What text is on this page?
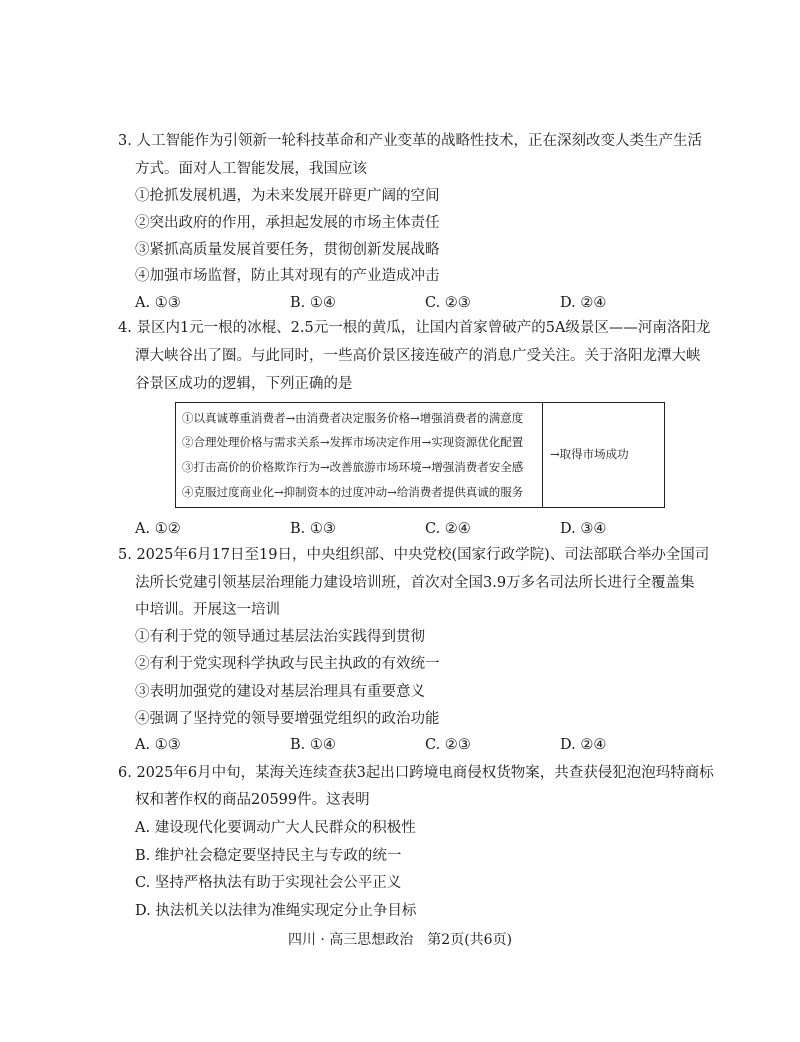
3. 人工智能作为引领新一轮科技革命和产业变革的战略性技术，正在深刻改变人类生产生活
方式。面对人工智能发展，我国应该
①抢抓发展机遇，为未来发展开辟更广阔的空间
②突出政府的作用，承担起发展的市场主体责任
③紧抓高质量发展首要任务，贯彻创新发展战略
④加强市场监督，防止其对现有的产业造成冲击
A. ①③	B. ①④	C. ②③	D. ②④
4. 景区内1元一根的冰棍、2.5元一根的黄瓜，让国内首家曾破产的5A级景区——河南洛阳龙
潭大峡谷出了圈。与此同时，一些高价景区接连破产的消息广受关注。关于洛阳龙潭大峡
①以真诚尊重消费者→由消费者决定服务价格→增强消费者的满意度
②合理处理价格与需求关系→发挥市场决定作用→实现资源优化配置
③打击高价的价格欺诈行为→改善旅游市场环境→增强消费者安全感
④克服过度商业化→抑制资本的过度冲动→给消费者提供真诚的服务
→取得市场成功
A. ①②	B. ①③	C. ②④	D. ③④
5. 2025年6月17日至19日，中央组织部、中央党校(国家行政学院)、司法部联合举办全国司
法所长党建引领基层治理能力建设培训班，首次对全国3.9万多名司法所长进行全覆盖集
中培训。开展这一培训
①有利于党的领导通过基层法治实践得到贯彻
②有利于党实现科学执政与民主执政的有效统一
③表明加强党的建设对基层治理具有重要意义
④强调了坚持党的领导要增强党组织的政治功能
A. ①③	B. ①④	C. ②③	D. ②④
6. 2025年6月中旬，某海关连续查获3起出口跨境电商侵权货物案，共查获侵犯泡泡玛特商标
权和著作权的商品20599件。这表明
A. 建设现代化要调动广大人民群众的积极性
B. 维护社会稳定要坚持民主与专政的统一
C. 坚持严格执法有助于实现社会公平正义
D. 执法机关以法律为准绳实现定分止争目标
四川 · 高三思想政治　第2页(共6页)
谷景区成功的逻辑，下列正确的是
